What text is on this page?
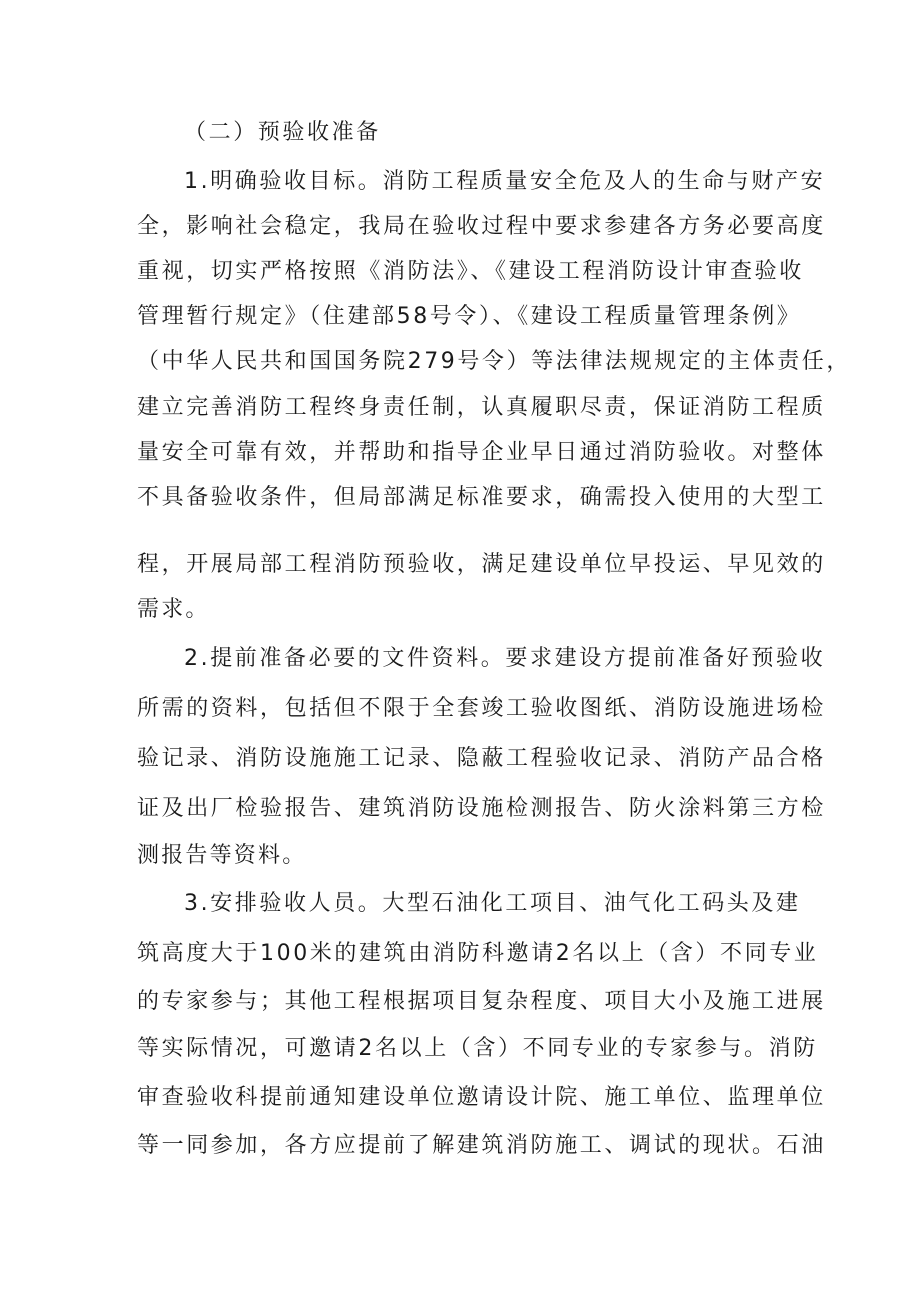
（二）预验收准备
1.明确验收目标。消防工程质量安全危及人的生命与财产安
全，影响社会稳定，我局在验收过程中要求参建各方务必要高度
重视，切实严格按照《消防法》、《建设工程消防设计审查验收
管理暂行规定》（住建部58号令）、《建设工程质量管理条例》
（中华人民共和国国务院279号令）等法律法规规定的主体责任，
建立完善消防工程终身责任制，认真履职尽责，保证消防工程质
量安全可靠有效，并帮助和指导企业早日通过消防验收。对整体
不具备验收条件，但局部满足标准要求，确需投入使用的大型工
程，开展局部工程消防预验收，满足建设单位早投运、早见效的
需求。
2.提前准备必要的文件资料。要求建设方提前准备好预验收
所需的资料，包括但不限于全套竣工验收图纸、消防设施进场检
验记录、消防设施施工记录、隐蔽工程验收记录、消防产品合格
证及出厂检验报告、建筑消防设施检测报告、防火涂料第三方检
测报告等资料。
3.安排验收人员。大型石油化工项目、油气化工码头及建
筑高度大于100米的建筑由消防科邀请2名以上（含）不同专业
的专家参与；其他工程根据项目复杂程度、项目大小及施工进展
等实际情况，可邀请2名以上（含）不同专业的专家参与。消防
审查验收科提前通知建设单位邀请设计院、施工单位、监理单位
等一同参加，各方应提前了解建筑消防施工、调试的现状。石油
